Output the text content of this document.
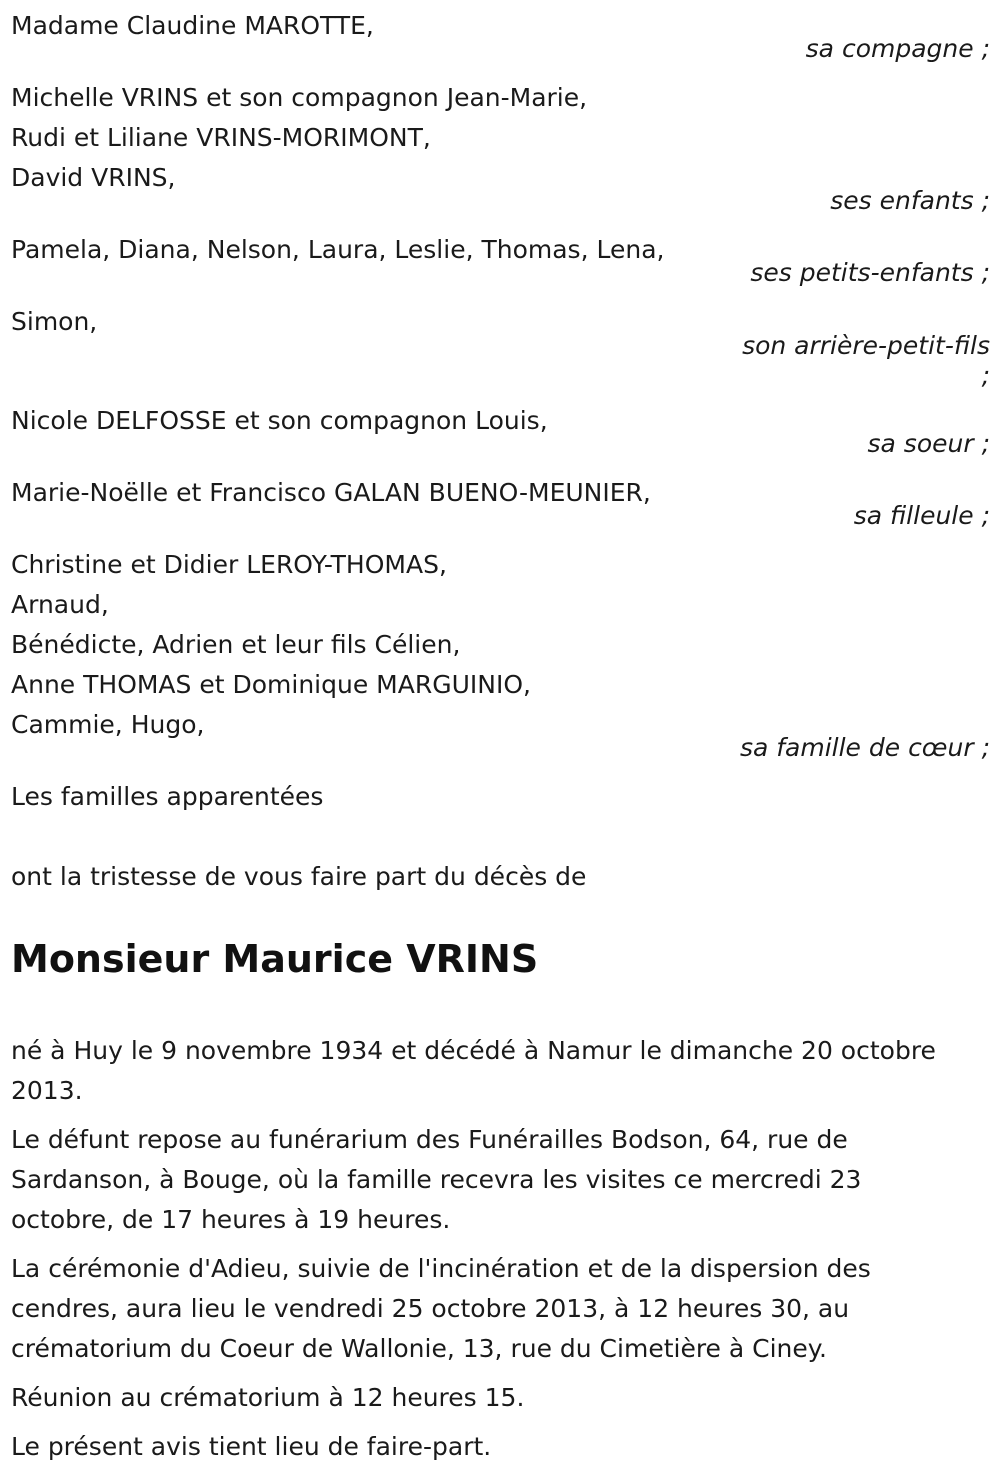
Madame Claudine MAROTTE,
sa compagne ;
Michelle VRINS et son compagnon Jean-Marie,
Rudi et Liliane VRINS-MORIMONT,
David VRINS,
ses enfants ;
Pamela, Diana, Nelson, Laura, Leslie, Thomas, Lena,
ses petits-enfants ;
Simon,
son arrière-petit-fils
;
Nicole DELFOSSE et son compagnon Louis,
sa soeur ;
Marie-Noëlle et Francisco GALAN BUENO-MEUNIER,
sa filleule ;
Christine et Didier LEROY-THOMAS,
Arnaud,
Bénédicte, Adrien et leur fils Célien,
Anne THOMAS et Dominique MARGUINIO,
Cammie, Hugo,
sa famille de cœur ;
Les familles apparentées
ont la tristesse de vous faire part du décès de
Monsieur Maurice VRINS
né à Huy le 9 novembre 1934 et décédé à Namur le dimanche 20 octobre 2013.
Le défunt repose au funérarium des Funérailles Bodson, 64, rue de Sardanson, à Bouge, où la famille recevra les visites ce mercredi 23 octobre, de 17 heures à 19 heures.
La cérémonie d'Adieu, suivie de l'incinération et de la dispersion des cendres, aura lieu le vendredi 25 octobre 2013, à 12 heures 30, au crématorium du Coeur de Wallonie, 13, rue du Cimetière à Ciney.
Réunion au crématorium à 12 heures 15.
Le présent avis tient lieu de faire-part.
